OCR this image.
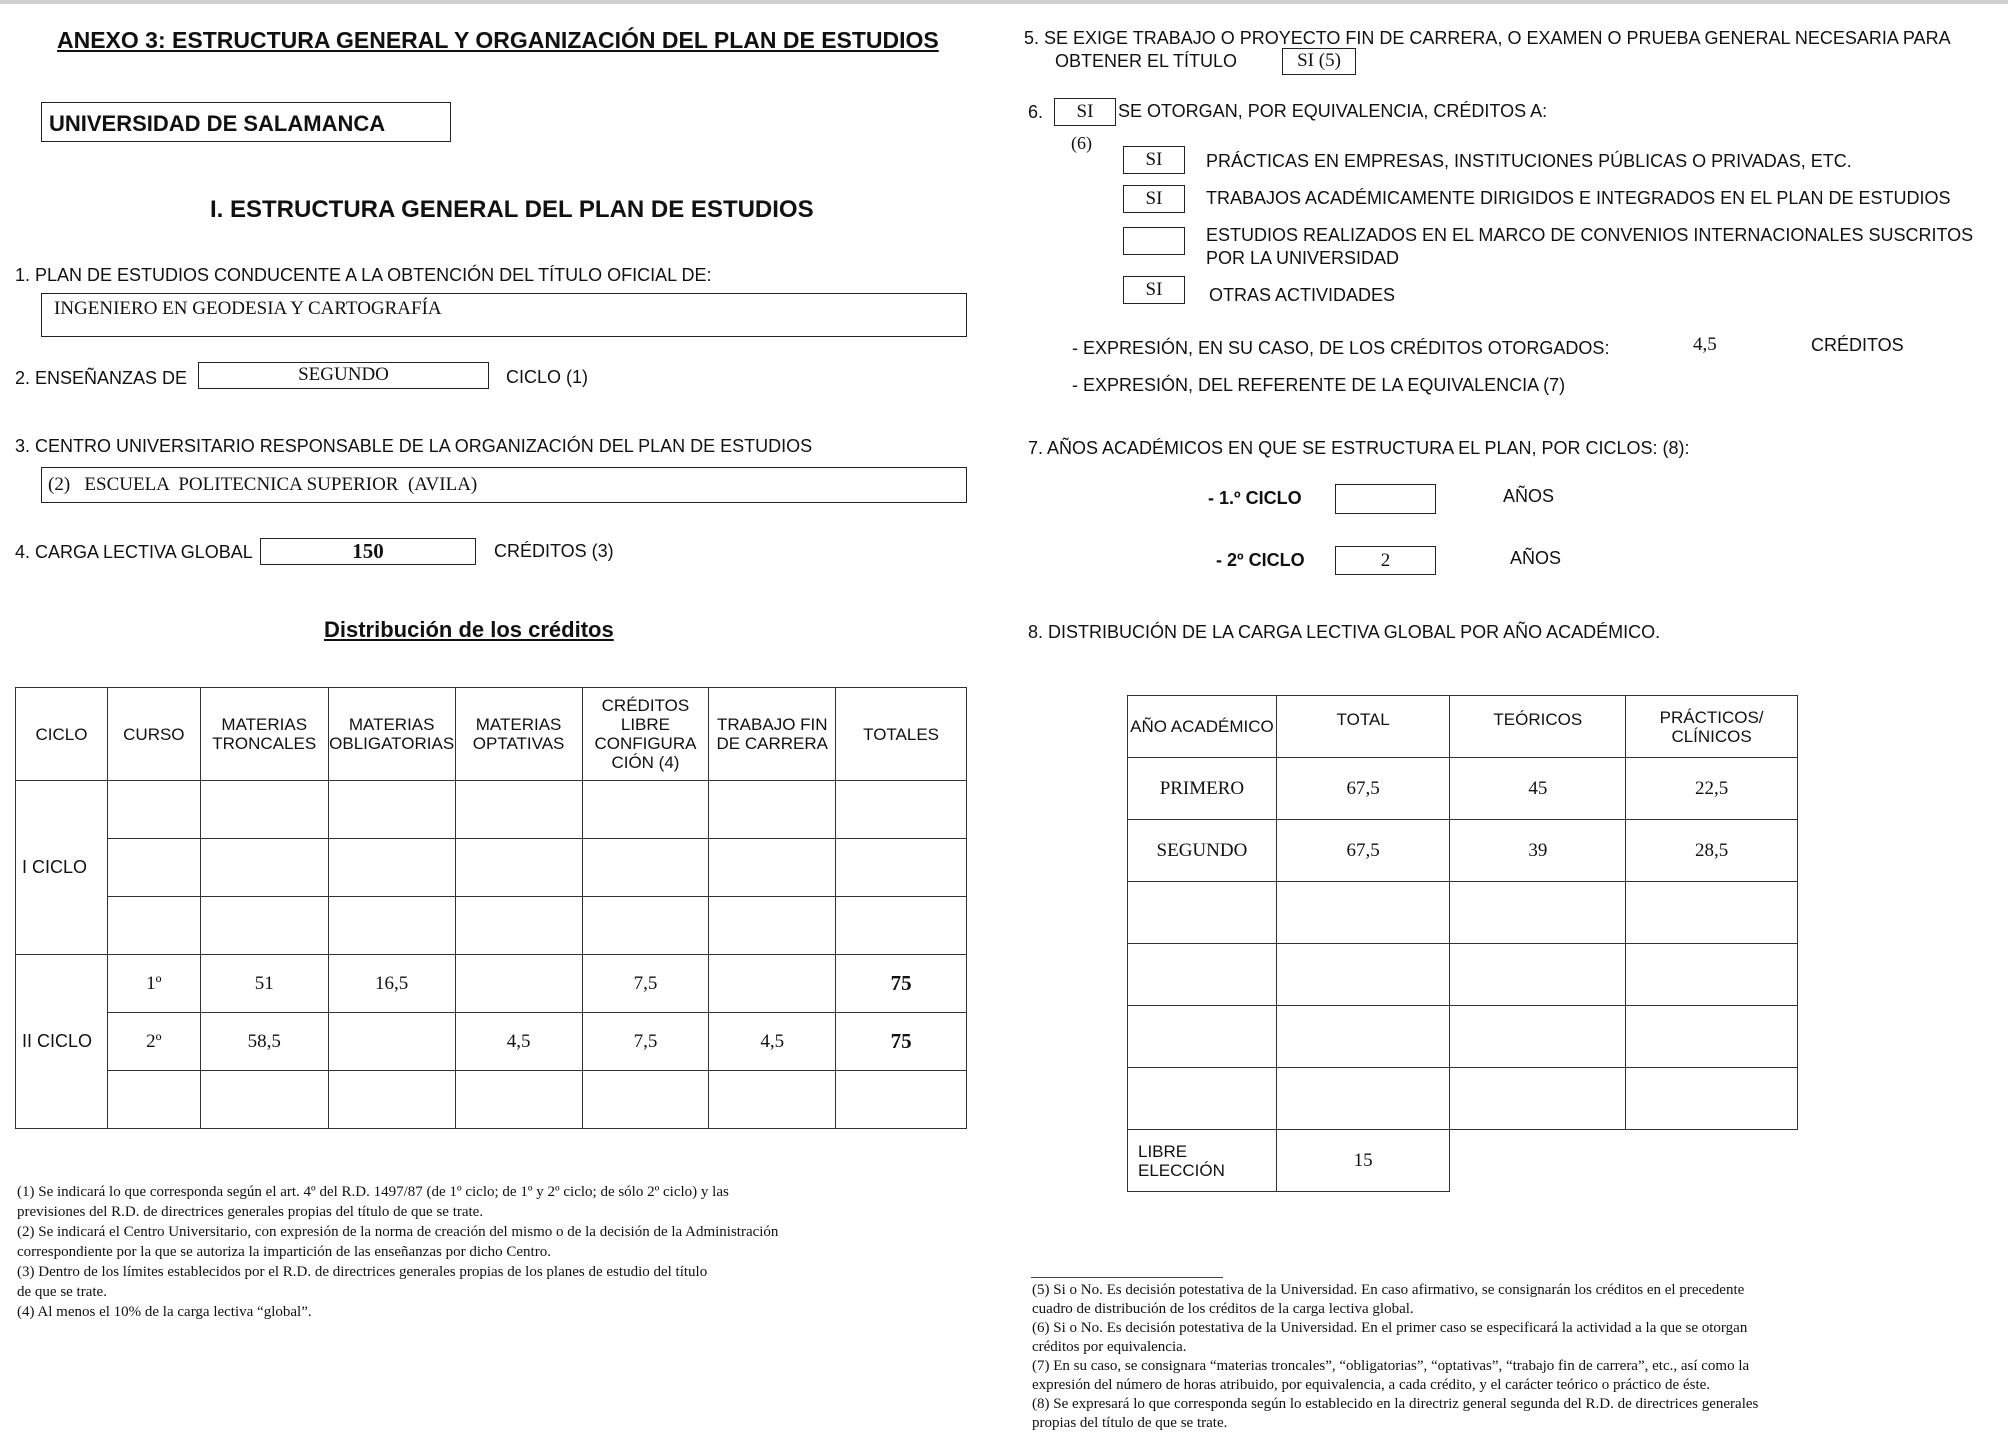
ANEXO 3: ESTRUCTURA GENERAL Y ORGANIZACIÓN DEL PLAN DE ESTUDIOS
UNIVERSIDAD DE SALAMANCA
I. ESTRUCTURA GENERAL DEL PLAN DE ESTUDIOS
1. PLAN DE ESTUDIOS CONDUCENTE A LA OBTENCIÓN DEL TÍTULO OFICIAL DE:
INGENIERO EN GEODESIA Y CARTOGRAFÍA
2. ENSEÑANZAS DE	SEGUNDO	CICLO (1)
3. CENTRO UNIVERSITARIO RESPONSABLE DE LA ORGANIZACIÓN DEL PLAN DE ESTUDIOS
(2)   ESCUELA  POLITECNICA SUPERIOR  (AVILA)
4. CARGA LECTIVA GLOBAL	150	CRÉDITOS (3)
Distribución de los créditos
CICLO	CURSO	MATERIAS TRONCALES	MATERIAS OBLIGATORIAS	MATERIAS OPTATIVAS	CRÉDITOS LIBRE CONFIGURA CIÓN (4)	TRABAJO FIN DE CARRERA	TOTALES
I CICLO							

II CICLO	1º	51	16,5		7,5		75
	2º	58,5		4,5	7,5	4,5	75

(1) Se indicará lo que corresponda según el art. 4º del R.D. 1497/87 (de 1º ciclo; de 1º y 2º ciclo; de sólo 2º ciclo) y las
previsiones del R.D. de directrices generales propias del título de que se trate.
(2) Se indicará el Centro Universitario, con expresión de la norma de creación del mismo o de la decisión de la Administración
correspondiente por la que se autoriza la impartición de las enseñanzas por dicho Centro.
(3) Dentro de los límites establecidos por el R.D. de directrices generales propias de los planes de estudio del título
de que se trate.
(4) Al menos el 10% de la carga lectiva “global”.
5. SE EXIGE TRABAJO O PROYECTO FIN DE CARRERA, O EXAMEN O PRUEBA GENERAL NECESARIA PARA
OBTENER EL TÍTULO	SI (5)
6.	SI	SE OTORGAN, POR EQUIVALENCIA, CRÉDITOS A:
(6)
SI	PRÁCTICAS EN EMPRESAS, INSTITUCIONES PÚBLICAS O PRIVADAS, ETC.
SI	TRABAJOS ACADÉMICAMENTE DIRIGIDOS E INTEGRADOS EN EL PLAN DE ESTUDIOS
ESTUDIOS REALIZADOS EN EL MARCO DE CONVENIOS INTERNACIONALES SUSCRITOS
POR LA UNIVERSIDAD
SI	OTRAS ACTIVIDADES
- EXPRESIÓN, EN SU CASO, DE LOS CRÉDITOS OTORGADOS:	4,5	CRÉDITOS
- EXPRESIÓN, DEL REFERENTE DE LA EQUIVALENCIA (7)
7. AÑOS ACADÉMICOS EN QUE SE ESTRUCTURA EL PLAN, POR CICLOS: (8):
- 1.º CICLO	AÑOS
- 2º CICLO	2	AÑOS
8. DISTRIBUCIÓN DE LA CARGA LECTIVA GLOBAL POR AÑO ACADÉMICO.
AÑO ACADÉMICO	TOTAL	TEÓRICOS	PRÁCTICOS/ CLÍNICOS
PRIMERO	67,5	45	22,5
SEGUNDO	67,5	39	28,5

LIBRE ELECCIÓN	15		
(5) Si o No. Es decisión potestativa de la Universidad. En caso afirmativo, se consignarán los créditos en el precedente
cuadro de distribución de los créditos de la carga lectiva global.
(6) Si o No. Es decisión potestativa de la Universidad. En el primer caso se especificará la actividad a la que se otorgan
créditos por equivalencia.
(7) En su caso, se consignara “materias troncales”, “obligatorias”, “optativas”, “trabajo fin de carrera”, etc., así como la
expresión del número de horas atribuido, por equivalencia, a cada crédito, y el carácter teórico o práctico de éste.
(8) Se expresará lo que corresponda según lo establecido en la directriz general segunda del R.D. de directrices generales
propias del título de que se trate.
